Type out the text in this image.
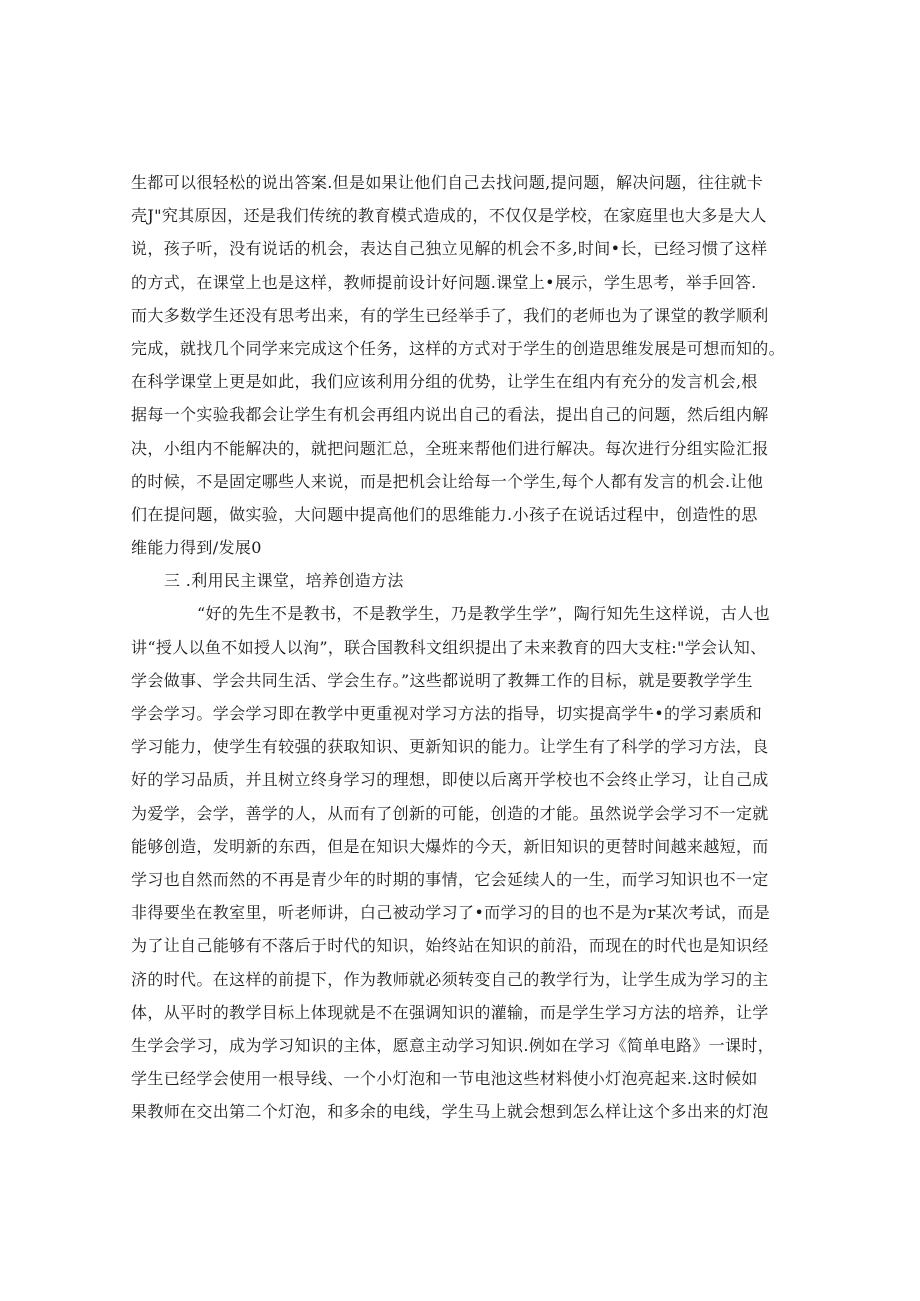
生都可以很轻松的说出答案.但是如果让他们自己去找问题,提问题，解决问题，往往就卡
壳J"究其原因，还是我们传统的教育模式造成的，不仅仅是学校，在家庭里也大多是大人
说，孩子听，没有说话的机会，表达自己独立见解的机会不多,时间•长，已经习惯了这样
的方式，在课堂上也是这样，教师提前设计好问题.课堂上•展示，学生思考，举手回答.
而大多数学生还没有思考出来，有的学生已经举手了，我们的老师也为了课堂的教学顺利
完成，就找几个同学来完成这个任务，这样的方式对于学生的创造思维发展是可想而知的。
在科学课堂上更是如此，我们应该利用分组的优势，让学生在组内有充分的发言机会,根
据每一个实验我都会让学生有机会再组内说出自己的看法，提出自己的问题，然后组内解
决，小组内不能解决的，就把问题汇总，全班来帮他们进行解决。每次进行分组实险汇报
的时候，不是固定哪些人来说，而是把机会让给每一个学生,每个人都有发言的机会.让他
们在提问题，做实验，大问题中提高他们的思维能力.小孩子在说话过程中，创造性的思
维能力得到/发展0
三 .利用民主课堂，培养创造方法
“好的先生不是教书，不是教学生，乃是教学生学”，陶行知先生这样说，古人也
讲“授人以鱼不如授人以洵”，联合国教科文组织提出了未来教育的四大支柱:"学会认知、
学会做事、学会共同生活、学会生存。”这些都说明了教舞工作的目标，就是要教学学生
学会学习。学会学习即在教学中更重视对学习方法的指导，切实提高学牛•的学习素质和
学习能力，使学生有较强的获取知识、更新知识的能力。让学生有了科学的学习方法，良
好的学习品质，并且树立终身学习的理想，即使以后离开学校也不会终止学习，让自己成
为爱学，会学，善学的人，从而有了创新的可能，创造的才能。虽然说学会学习不一定就
能够创造，发明新的东西，但是在知识大爆炸的今天，新旧知识的更替时间越来越短，而
学习也自然而然的不再是青少年的时期的事情，它会延续人的一生，而学习知识也不一定
非得要坐在教室里，听老师讲，白己被动学习了•而学习的目的也不是为r某次考试，而是
为了让自己能够有不落后于时代的知识，始终站在知识的前沿，而现在的时代也是知识经
济的时代。在这样的前提下，作为教师就必须转变自己的教学行为，让学生成为学习的主
体，从平时的教学目标上体现就是不在强调知识的灌输，而是学生学习方法的培养，让学
生学会学习，成为学习知识的主体，愿意主动学习知识.例如在学习《简单电路》一课时，
学生已经学会使用一根导线、一个小灯泡和一节电池这些材料使小灯泡亮起来.这时候如
果教师在交出第二个灯泡，和多余的电线，学生马上就会想到怎么样让这个多出来的灯泡
